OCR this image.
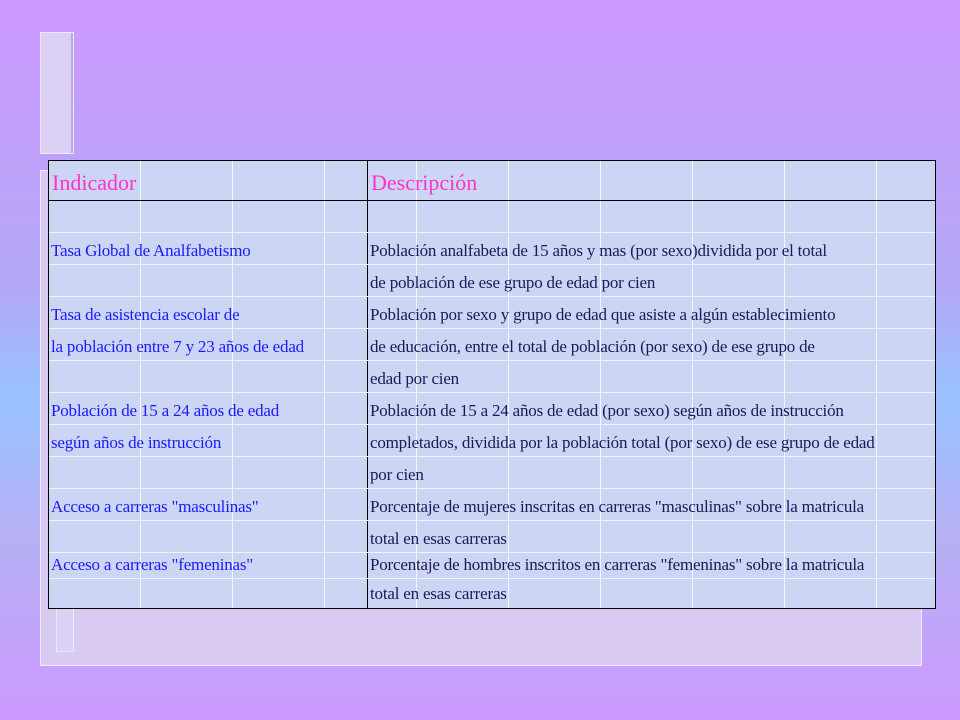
Indicador	Descripción
Tasa Global de Analfabetismo	Población analfabeta de 15 años y mas (por sexo)dividida por el total
de población de ese grupo de edad por cien
Tasa de asistencia escolar de	Población por sexo y grupo de edad que asiste a algún establecimiento
la población entre 7 y 23 años de edad	de educación, entre el total de población (por sexo) de ese grupo de
edad por cien
Población de 15 a 24 años de edad	Población de 15 a 24 años de edad (por sexo) según años de instrucción
según años de instrucción	completados, dividida por la población total (por sexo) de ese grupo de edad
por cien
Acceso a carreras "masculinas"	Porcentaje de mujeres inscritas en carreras "masculinas" sobre la matricula
total en esas carreras
Acceso a carreras "femeninas"	Porcentaje de hombres inscritos en carreras "femeninas" sobre la matricula
total en esas carreras
